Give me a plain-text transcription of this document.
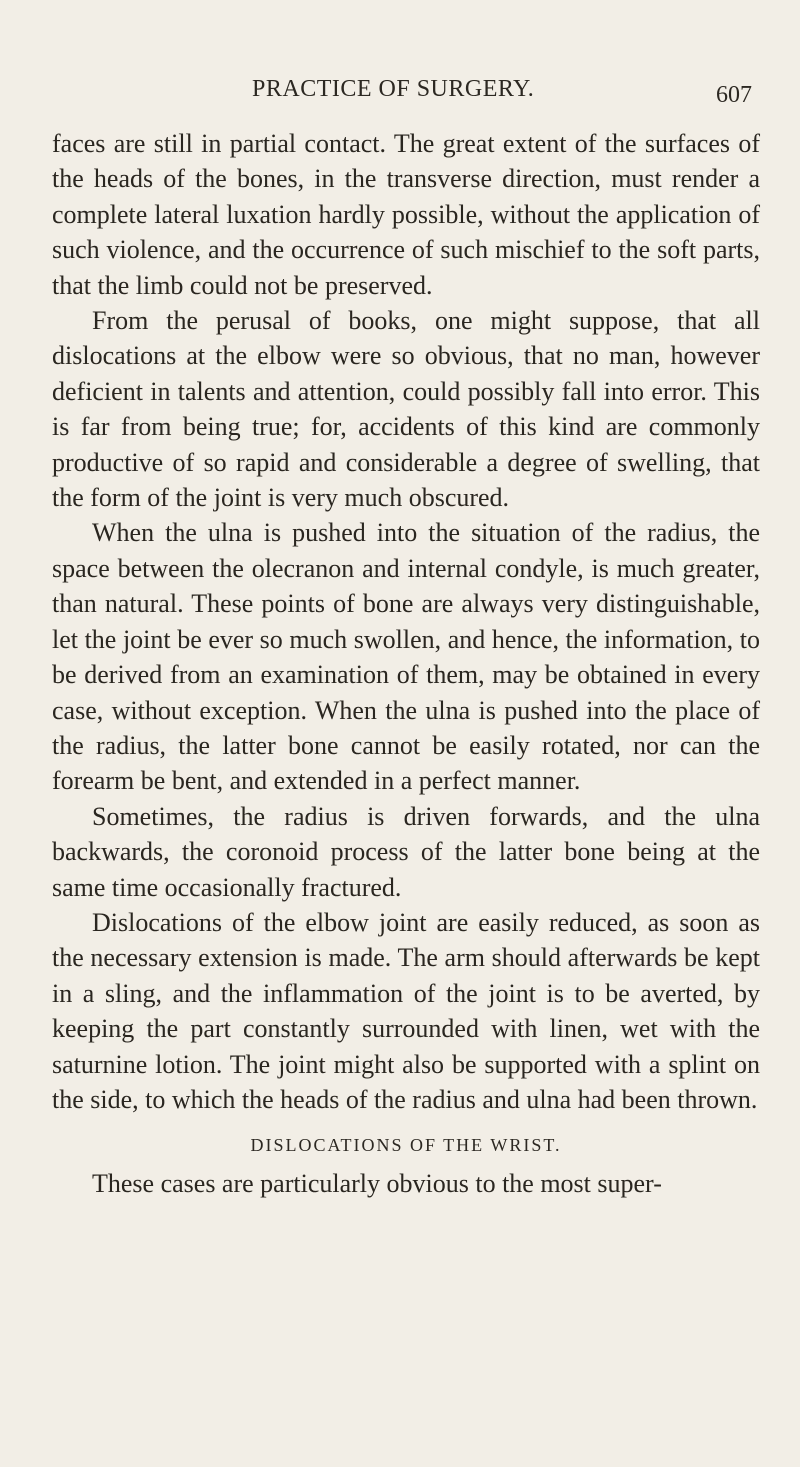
PRACTICE OF SURGERY.	607

faces are still in partial contact. The great extent of the surfaces of the heads of the bones, in the transverse direction, must render a complete lateral luxation hardly possible, without the application of such violence, and the occurrence of such mischief to the soft parts, that the limb could not be preserved.

From the perusal of books, one might suppose, that all dislocations at the elbow were so obvious, that no man, however deficient in talents and attention, could possibly fall into error. This is far from being true; for, accidents of this kind are commonly productive of so rapid and considerable a degree of swelling, that the form of the joint is very much obscured.

When the ulna is pushed into the situation of the radius, the space between the olecranon and internal condyle, is much greater, than natural. These points of bone are always very distinguishable, let the joint be ever so much swollen, and hence, the information, to be derived from an examination of them, may be obtained in every case, without exception. When the ulna is pushed into the place of the radius, the latter bone cannot be easily rotated, nor can the forearm be bent, and extended in a perfect manner.

Sometimes, the radius is driven forwards, and the ulna backwards, the coronoid process of the latter bone being at the same time occasionally fractured.

Dislocations of the elbow joint are easily reduced, as soon as the necessary extension is made. The arm should afterwards be kept in a sling, and the inflammation of the joint is to be averted, by keeping the part constantly surrounded with linen, wet with the saturnine lotion. The joint might also be supported with a splint on the side, to which the heads of the radius and ulna had been thrown.

DISLOCATIONS OF THE WRIST.

These cases are particularly obvious to the most super-
